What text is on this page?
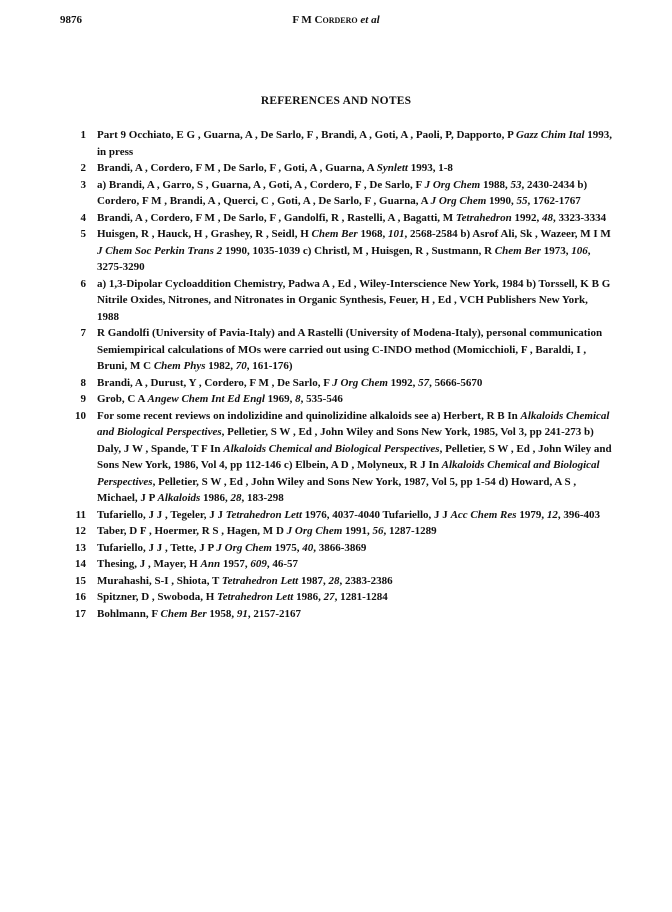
9876	F M Cordero et al
REFERENCES AND NOTES
1 Part 9 Occhiato, E G , Guarna, A , De Sarlo, F , Brandi, A , Goti, A , Paoli, P, Dapporto, P Gazz Chim Ital 1993, in press
2 Brandi, A , Cordero, F M , De Sarlo, F , Goti, A , Guarna, A Synlett 1993, 1-8
3 a) Brandi, A , Garro, S , Guarna, A , Goti, A , Cordero, F , De Sarlo, F J Org Chem 1988, 53, 2430-2434 b) Cordero, F M , Brandi, A , Querci, C , Goti, A , De Sarlo, F , Guarna, A J Org Chem 1990, 55, 1762-1767
4 Brandi, A , Cordero, F M , De Sarlo, F , Gandolfi, R , Rastelli, A , Bagatti, M Tetrahedron 1992, 48, 3323-3334
5 Huisgen, R , Hauck, H , Grashey, R , Seidl, H Chem Ber 1968, 101, 2568-2584 b) Asrof Ali, Sk , Wazeer, M I M J Chem Soc Perkin Trans 2 1990, 1035-1039 c) Christl, M , Huisgen, R , Sustmann, R Chem Ber 1973, 106, 3275-3290
6 a) 1,3-Dipolar Cycloaddition Chemistry, Padwa A , Ed , Wiley-Interscience New York, 1984 b) Torssell, K B G Nitrile Oxides, Nitrones, and Nitronates in Organic Synthesis, Feuer, H , Ed , VCH Publishers New York, 1988
7 R Gandolfi (University of Pavia-Italy) and A Rastelli (University of Modena-Italy), personal communication Semiempirical calculations of MOs were carried out using C-INDO method (Momicchioli, F , Baraldi, I , Bruni, M C Chem Phys 1982, 70, 161-176)
8 Brandi, A , Durust, Y , Cordero, F M , De Sarlo, F J Org Chem 1992, 57, 5666-5670
9 Grob, C A Angew Chem Int Ed Engl 1969, 8, 535-546
10 For some recent reviews on indolizidine and quinolizidine alkaloids see a) Herbert, R B In Alkaloids Chemical and Biological Perspectives, Pelletier, S W , Ed , John Wiley and Sons New York, 1985, Vol 3, pp 241-273 b) Daly, J W , Spande, T F In Alkaloids Chemical and Biological Perspectives, Pelletier, S W , Ed , John Wiley and Sons New York, 1986, Vol 4, pp 112-146 c) Elbein, A D , Molyneux, R J In Alkaloids Chemical and Biological Perspectives, Pelletier, S W , Ed , John Wiley and Sons New York, 1987, Vol 5, pp 1-54 d) Howard, A S , Michael, J P Alkaloids 1986, 28, 183-298
11 Tufariello, J J , Tegeler, J J Tetrahedron Lett 1976, 4037-4040 Tufariello, J J Acc Chem Res 1979, 12, 396-403
12 Taber, D F , Hoermer, R S , Hagen, M D J Org Chem 1991, 56, 1287-1289
13 Tufariello, J J , Tette, J P J Org Chem 1975, 40, 3866-3869
14 Thesing, J , Mayer, H Ann 1957, 609, 46-57
15 Murahashi, S-I , Shiota, T Tetrahedron Lett 1987, 28, 2383-2386
16 Spitzner, D , Swoboda, H Tetrahedron Lett 1986, 27, 1281-1284
17 Bohlmann, F Chem Ber 1958, 91, 2157-2167
